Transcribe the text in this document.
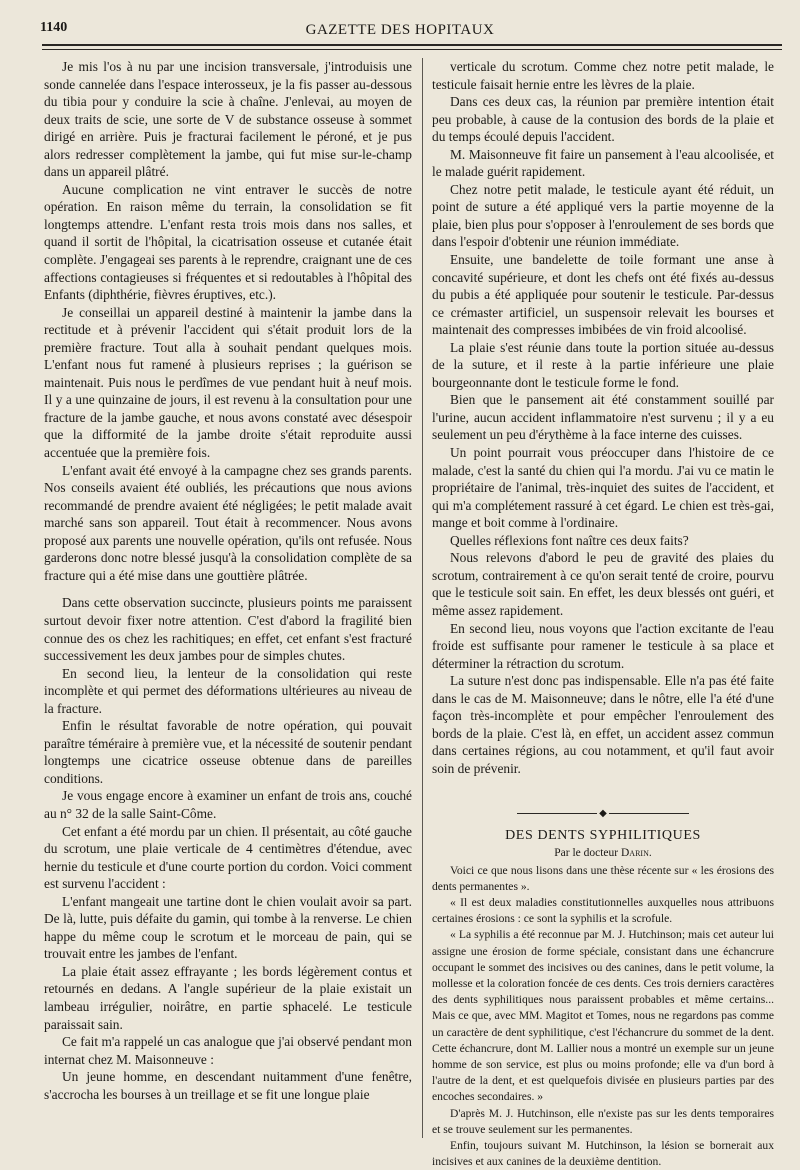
1140	GAZETTE DES HOPITAUX

Je mis l'os à nu par une incision transversale, j'introduisis une sonde cannelée dans l'espace interosseux, je la fis passer au-dessous du tibia pour y conduire la scie à chaîne. J'enlevai, au moyen de deux traits de scie, une sorte de V de substance osseuse à sommet dirigé en arrière. Puis je fracturai facilement le péroné, et je pus alors redresser complètement la jambe, qui fut mise sur-le-champ dans un appareil plâtré.

Aucune complication ne vint entraver le succès de notre opération. En raison même du terrain, la consolidation se fit longtemps attendre. L'enfant resta trois mois dans nos salles, et quand il sortit de l'hôpital, la cicatrisation osseuse et cutanée était complète. J'engageai ses parents à le reprendre, craignant une de ces affections contagieuses si fréquentes et si redoutables à l'hôpital des Enfants (diphthérie, fièvres éruptives, etc.).

Je conseillai un appareil destiné à maintenir la jambe dans la rectitude et à prévenir l'accident qui s'était produit lors de la première fracture. Tout alla à souhait pendant quelques mois. L'enfant nous fut ramené à plusieurs reprises ; la guérison se maintenait. Puis nous le perdîmes de vue pendant huit à neuf mois. Il y a une quinzaine de jours, il est revenu à la consultation pour une fracture de la jambe gauche, et nous avons constaté avec désespoir que la difformité de la jambe droite s'était reproduite aussi accentuée que la première fois.

L'enfant avait été envoyé à la campagne chez ses grands parents. Nos conseils avaient été oubliés, les précautions que nous avions recommandé de prendre avaient été négligées; le petit malade avait marché sans son appareil. Tout était à recommencer. Nous avons proposé aux parents une nouvelle opération, qu'ils ont refusée. Nous garderons donc notre blessé jusqu'à la consolidation complète de sa fracture qui a été mise dans une gouttière plâtrée.

Dans cette observation succincte, plusieurs points me paraissent surtout devoir fixer notre attention. C'est d'abord la fragilité bien connue des os chez les rachitiques; en effet, cet enfant s'est fracturé successivement les deux jambes pour de simples chutes.

En second lieu, la lenteur de la consolidation qui reste incomplète et qui permet des déformations ultérieures au niveau de la fracture.

Enfin le résultat favorable de notre opération, qui pouvait paraître téméraire à première vue, et la nécessité de soutenir pendant longtemps une cicatrice osseuse obtenue dans de pareilles conditions.

Je vous engage encore à examiner un enfant de trois ans, couché au n° 32 de la salle Saint-Côme.

Cet enfant a été mordu par un chien. Il présentait, au côté gauche du scrotum, une plaie verticale de 4 centimètres d'étendue, avec hernie du testicule et d'une courte portion du cordon. Voici comment est survenu l'accident :

L'enfant mangeait une tartine dont le chien voulait avoir sa part. De là, lutte, puis défaite du gamin, qui tombe à la renverse. Le chien happe du même coup le scrotum et le morceau de pain, qui se trouvait entre les jambes de l'enfant.

La plaie était assez effrayante ; les bords légèrement contus et retournés en dedans. A l'angle supérieur de la plaie existait un lambeau irrégulier, noirâtre, en partie sphacelé. Le testicule paraissait sain.

Ce fait m'a rappelé un cas analogue que j'ai observé pendant mon internat chez M. Maisonneuve :

Un jeune homme, en descendant nuitamment d'une fenêtre, s'accrocha les bourses à un treillage et se fit une longue plaie

verticale du scrotum. Comme chez notre petit malade, le testicule faisait hernie entre les lèvres de la plaie.

Dans ces deux cas, la réunion par première intention était peu probable, à cause de la contusion des bords de la plaie et du temps écoulé depuis l'accident.

M. Maisonneuve fit faire un pansement à l'eau alcoolisée, et le malade guérit rapidement.

Chez notre petit malade, le testicule ayant été réduit, un point de suture a été appliqué vers la partie moyenne de la plaie, bien plus pour s'opposer à l'enroulement de ses bords que dans l'espoir d'obtenir une réunion immédiate.

Ensuite, une bandelette de toile formant une anse à concavité supérieure, et dont les chefs ont été fixés au-dessus du pubis a été appliquée pour soutenir le testicule. Par-dessus ce crémaster artificiel, un suspensoir relevait les bourses et maintenait des compresses imbibées de vin froid alcoolisé.

La plaie s'est réunie dans toute la portion située au-dessus de la suture, et il reste à la partie inférieure une plaie bourgeonnante dont le testicule forme le fond.

Bien que le pansement ait été constamment souillé par l'urine, aucun accident inflammatoire n'est survenu ; il y a eu seulement un peu d'érythème à la face interne des cuisses.

Un point pourrait vous préoccuper dans l'histoire de ce malade, c'est la santé du chien qui l'a mordu. J'ai vu ce matin le propriétaire de l'animal, très-inquiet des suites de l'accident, et qui m'a complétement rassuré à cet égard. Le chien est très-gai, mange et boit comme à l'ordinaire.

Quelles réflexions font naître ces deux faits?

Nous relevons d'abord le peu de gravité des plaies du scrotum, contrairement à ce qu'on serait tenté de croire, pourvu que le testicule soit sain. En effet, les deux blessés ont guéri, et même assez rapidement.

En second lieu, nous voyons que l'action excitante de l'eau froide est suffisante pour ramener le testicule à sa place et déterminer la rétraction du scrotum.

La suture n'est donc pas indispensable. Elle n'a pas été faite dans le cas de M. Maisonneuve; dans le nôtre, elle l'a été d'une façon très-incomplète et pour empêcher l'enroulement des bords de la plaie. C'est là, en effet, un accident assez commun dans certaines régions, au cou notamment, et qu'il faut avoir soin de prévenir.

◆

DES DENTS SYPHILITIQUES

Par le docteur Darin.

Voici ce que nous lisons dans une thèse récente sur « les érosions des dents permanentes ».

« Il est deux maladies constitutionnelles auxquelles nous attribuons certaines érosions : ce sont la syphilis et la scrofule.

« La syphilis a été reconnue par M. J. Hutchinson; mais cet auteur lui assigne une érosion de forme spéciale, consistant dans une échancrure occupant le sommet des incisives ou des canines, dans le petit volume, la mollesse et la coloration foncée de ces dents. Ces trois derniers caractères des dents syphilitiques nous paraissent probables et même certains... Mais ce que, avec MM. Magitot et Tomes, nous ne regardons pas comme un caractère de dent syphilitique, c'est l'échancrure du sommet de la dent. Cette échancrure, dont M. Lallier nous a montré un exemple sur un jeune homme de son service, est plus ou moins profonde; elle va d'un bord à l'autre de la dent, et est quelquefois divisée en plusieurs parties par des encoches secondaires. »

D'après M. J. Hutchinson, elle n'existe pas sur les dents temporaires et se trouve seulement sur les permanentes.

Enfin, toujours suivant M. Hutchinson, la lésion se bornerait aux incisives et aux canines de la deuxième dentition.
